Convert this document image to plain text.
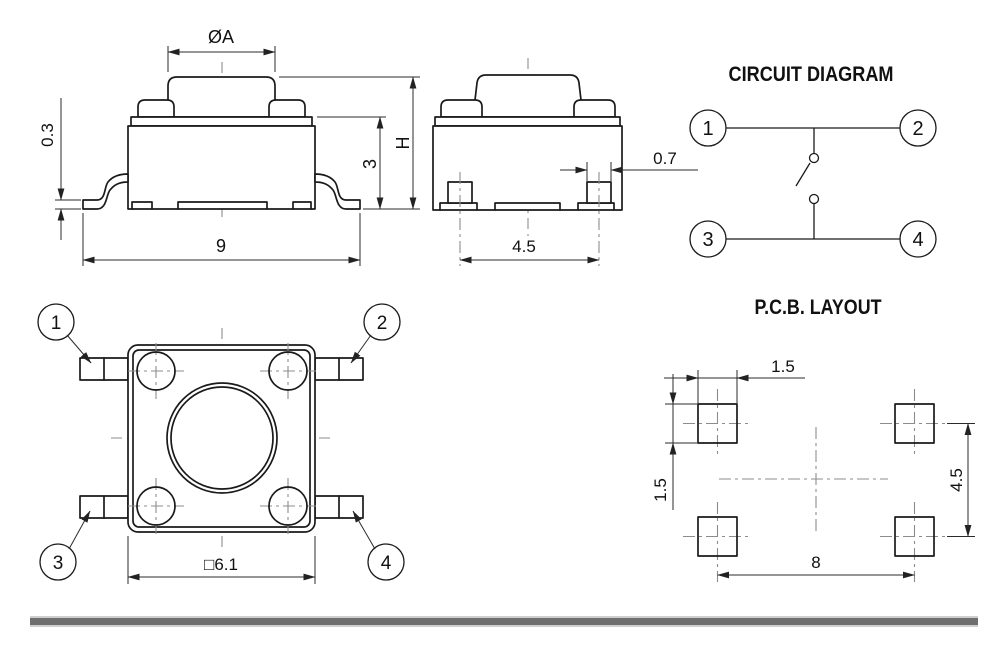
ØA
0.3
3
H
9
0.7
4.5
CIRCUIT DIAGRAM
1	2
3	4
1	2
3	4
□6.1
P.C.B. LAYOUT
1.5
1.5	4.5
8
